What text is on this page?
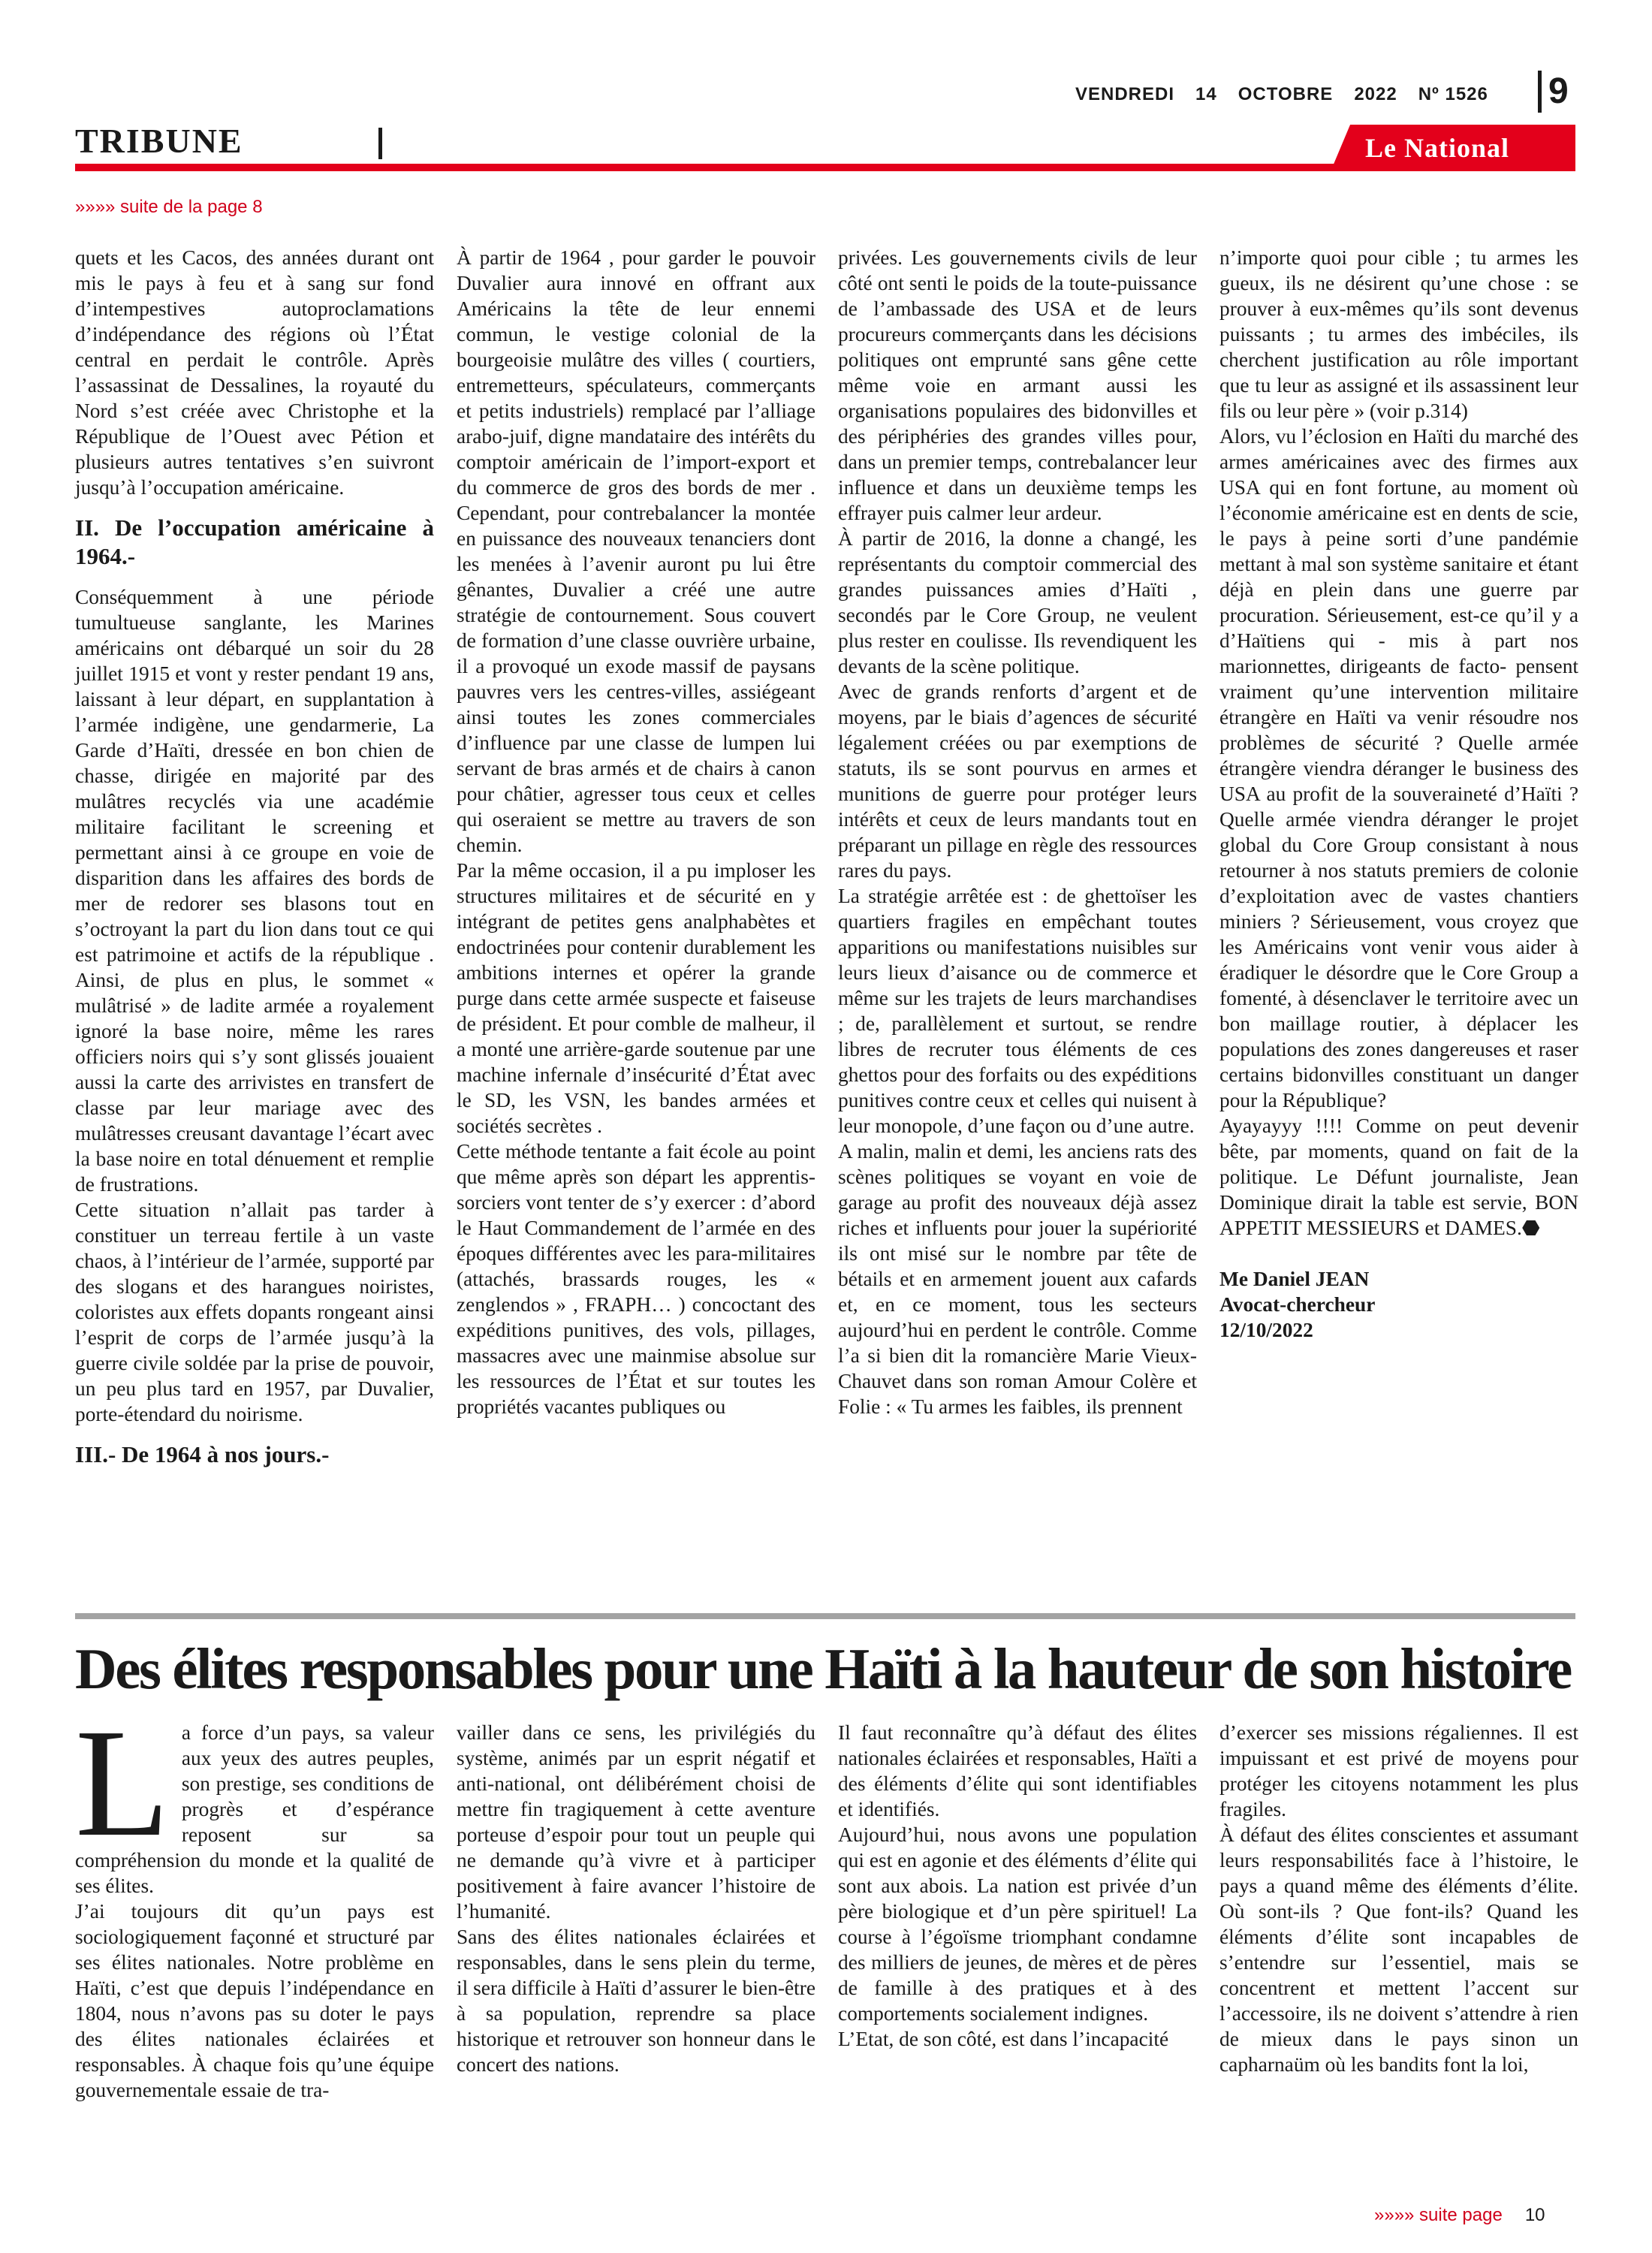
VENDREDI 14 OCTOBRE 2022 Nº 1526	9
TRIBUNE	Le National
»»»» suite de la page 8

quets et les Cacos, des années durant ont mis le pays à feu et à sang sur fond d’intempestives autoproclamations d’indépendance des régions où l’État central en perdait le contrôle. Après l’assassinat de Dessalines, la royauté du Nord s’est créée avec Christophe et la République de l’Ouest avec Pétion et plusieurs autres tentatives s’en suivront jusqu’à l’occupation américaine.

II. De l’occupation américaine à 1964.-

Conséquemment à une période tumultueuse sanglante, les Marines américains ont débarqué un soir du 28 juillet 1915 et vont y rester pendant 19 ans, laissant à leur départ, en supplantation à l’armée indigène, une gendarmerie, La Garde d’Haïti, dressée en bon chien de chasse, dirigée en majorité par des mulâtres recyclés via une académie militaire facilitant le screening et permettant ainsi à ce groupe en voie de disparition dans les affaires des bords de mer de redorer ses blasons tout en s’octroyant la part du lion dans tout ce qui est patrimoine et actifs de la république . Ainsi, de plus en plus, le sommet « mulâtrisé » de ladite armée a royalement ignoré la base noire, même les rares officiers noirs qui s’y sont glissés jouaient aussi la carte des arrivistes en transfert de classe par leur mariage avec des mulâtresses creusant davantage l’écart avec la base noire en total dénuement et remplie de frustrations.

Cette situation n’allait pas tarder à constituer un terreau fertile à un vaste chaos, à l’intérieur de l’armée, supporté par des slogans et des harangues noiristes, coloristes aux effets dopants rongeant ainsi l’esprit de corps de l’armée jusqu’à la guerre civile soldée par la prise de pouvoir, un peu plus tard en 1957, par Duvalier, porte-étendard du noirisme.

III.- De 1964 à nos jours.-

À partir de 1964 , pour garder le pouvoir Duvalier aura innové en offrant aux Américains la tête de leur ennemi commun, le vestige colonial de la bourgeoisie mulâtre des villes ( courtiers, entremetteurs, spéculateurs, commerçants et petits industriels) remplacé par l’alliage arabo-juif, digne mandataire des intérêts du comptoir américain de l’import-export et du commerce de gros des bords de mer . Cependant, pour contrebalancer la montée en puissance des nouveaux tenanciers dont les menées à l’avenir auront pu lui être gênantes, Duvalier a créé une autre stratégie de contournement. Sous couvert de formation d’une classe ouvrière urbaine, il a provoqué un exode massif de paysans pauvres vers les centres-villes, assiégeant ainsi toutes les zones commerciales d’influence par une classe de lumpen lui servant de bras armés et de chairs à canon pour châtier, agresser tous ceux et celles qui oseraient se mettre au travers de son chemin.

Par la même occasion, il a pu imploser les structures militaires et de sécurité en y intégrant de petites gens analphabètes et endoctrinées pour contenir durablement les ambitions internes et opérer la grande purge dans cette armée suspecte et faiseuse de président. Et pour comble de malheur, il a monté une arrière-garde soutenue par une machine infernale d’insécurité d’État avec le SD, les VSN, les bandes armées et sociétés secrètes .

Cette méthode tentante a fait école au point que même après son départ les apprentis-sorciers vont tenter de s’y exercer : d’abord le Haut Commandement de l’armée en des époques différentes avec les para-militaires (attachés, brassards rouges, les « zenglendos » , FRAPH… ) concoctant des expéditions punitives, des vols, pillages, massacres avec une mainmise absolue sur les ressources de l’État et sur toutes les propriétés vacantes publiques ou

privées. Les gouvernements civils de leur côté ont senti le poids de la toute-puissance de l’ambassade des USA et de leurs procureurs commerçants dans les décisions politiques ont emprunté sans gêne cette même voie en armant aussi les organisations populaires des bidonvilles et des périphéries des grandes villes pour, dans un premier temps, contrebalancer leur influence et dans un deuxième temps les effrayer puis calmer leur ardeur.

À partir de 2016, la donne a changé, les représentants du comptoir commercial des grandes puissances amies d’Haïti , secondés par le Core Group, ne veulent plus rester en coulisse. Ils revendiquent les devants de la scène politique.

Avec de grands renforts d’argent et de moyens, par le biais d’agences de sécurité légalement créées ou par exemptions de statuts, ils se sont pourvus en armes et munitions de guerre pour protéger leurs intérêts et ceux de leurs mandants tout en préparant un pillage en règle des ressources rares du pays.

La stratégie arrêtée est : de ghettoïser les quartiers fragiles en empêchant toutes apparitions ou manifestations nuisibles sur leurs lieux d’aisance ou de commerce et même sur les trajets de leurs marchandises ; de, parallèlement et surtout, se rendre libres de recruter tous éléments de ces ghettos pour des forfaits ou des expéditions punitives contre ceux et celles qui nuisent à leur monopole, d’une façon ou d’une autre.

A malin, malin et demi, les anciens rats des scènes politiques se voyant en voie de garage au profit des nouveaux déjà assez riches et influents pour jouer la supériorité ils ont misé sur le nombre par tête de bétails et en armement jouent aux cafards et, en ce moment, tous les secteurs aujourd’hui en perdent le contrôle. Comme l’a si bien dit la romancière Marie Vieux-Chauvet dans son roman Amour Colère et Folie : « Tu armes les faibles, ils prennent

n’importe quoi pour cible ; tu armes les gueux, ils ne désirent qu’une chose : se prouver à eux-mêmes qu’ils sont devenus puissants ; tu armes des imbéciles, ils cherchent justification au rôle important que tu leur as assigné et ils assassinent leur fils ou leur père » (voir p.314)

Alors, vu l’éclosion en Haïti du marché des armes américaines avec des firmes aux USA qui en font fortune, au moment où l’économie américaine est en dents de scie, le pays à peine sorti d’une pandémie mettant à mal son système sanitaire et étant déjà en plein dans une guerre par procuration. Sérieusement, est-ce qu’il y a d’Haïtiens qui - mis à part nos marionnettes, dirigeants de facto- pensent vraiment qu’une intervention militaire étrangère en Haïti va venir résoudre nos problèmes de sécurité ? Quelle armée étrangère viendra déranger le business des USA au profit de la souveraineté d’Haïti ? Quelle armée viendra déranger le projet global du Core Group consistant à nous retourner à nos statuts premiers de colonie d’exploitation avec de vastes chantiers miniers ? Sérieusement, vous croyez que les Américains vont venir vous aider à éradiquer le désordre que le Core Group a fomenté, à désenclaver le territoire avec un bon maillage routier, à déplacer les populations des zones dangereuses et raser certains bidonvilles constituant un danger pour la République?

Ayayayyy !!!! Comme on peut devenir bête, par moments, quand on fait de la politique. Le Défunt journaliste, Jean Dominique dirait la table est servie, BON APPETIT MESSIEURS et DAMES.⬣

Me Daniel JEAN
Avocat-chercheur
12/10/2022

Des élites responsables pour une Haïti à la hauteur de son histoire

La force d’un pays, sa valeur aux yeux des autres peuples, son prestige, ses conditions de progrès et d’espérance reposent sur sa compréhension du monde et la qualité de ses élites.

J’ai toujours dit qu’un pays est sociologiquement façonné et structuré par ses élites nationales. Notre problème en Haïti, c’est que depuis l’indépendance en 1804, nous n’avons pas su doter le pays des élites nationales éclairées et responsables. À chaque fois qu’une équipe gouvernementale essaie de tra-

vailler dans ce sens, les privilégiés du système, animés par un esprit négatif et anti-national, ont délibérément choisi de mettre fin tragiquement à cette aventure porteuse d’espoir pour tout un peuple qui ne demande qu’à vivre et à participer positivement à faire avancer l’histoire de l’humanité.

Sans des élites nationales éclairées et responsables, dans le sens plein du terme, il sera difficile à Haïti d’assurer le bien-être à sa population, reprendre sa place historique et retrouver son honneur dans le concert des nations.

Il faut reconnaître qu’à défaut des élites nationales éclairées et responsables, Haïti a des éléments d’élite qui sont identifiables et identifiés.

Aujourd’hui, nous avons une population qui est en agonie et des éléments d’élite qui sont aux abois. La nation est privée d’un père biologique et d’un père spirituel! La course à l’égoïsme triomphant condamne des milliers de jeunes, de mères et de pères de famille à des pratiques et à des comportements socialement indignes.

L’Etat, de son côté, est dans l’incapacité

d’exercer ses missions régaliennes. Il est impuissant et est privé de moyens pour protéger les citoyens notamment les plus fragiles.

À défaut des élites conscientes et assumant leurs responsabilités face à l’histoire, le pays a quand même des éléments d’élite. Où sont-ils ? Que font-ils? Quand les éléments d’élite sont incapables de s’entendre sur l’essentiel, mais se concentrent et mettent l’accent sur l’accessoire, ils ne doivent s’attendre à rien de mieux dans le pays sinon un capharnaüm où les bandits font la loi,

»»»» suite page 10
